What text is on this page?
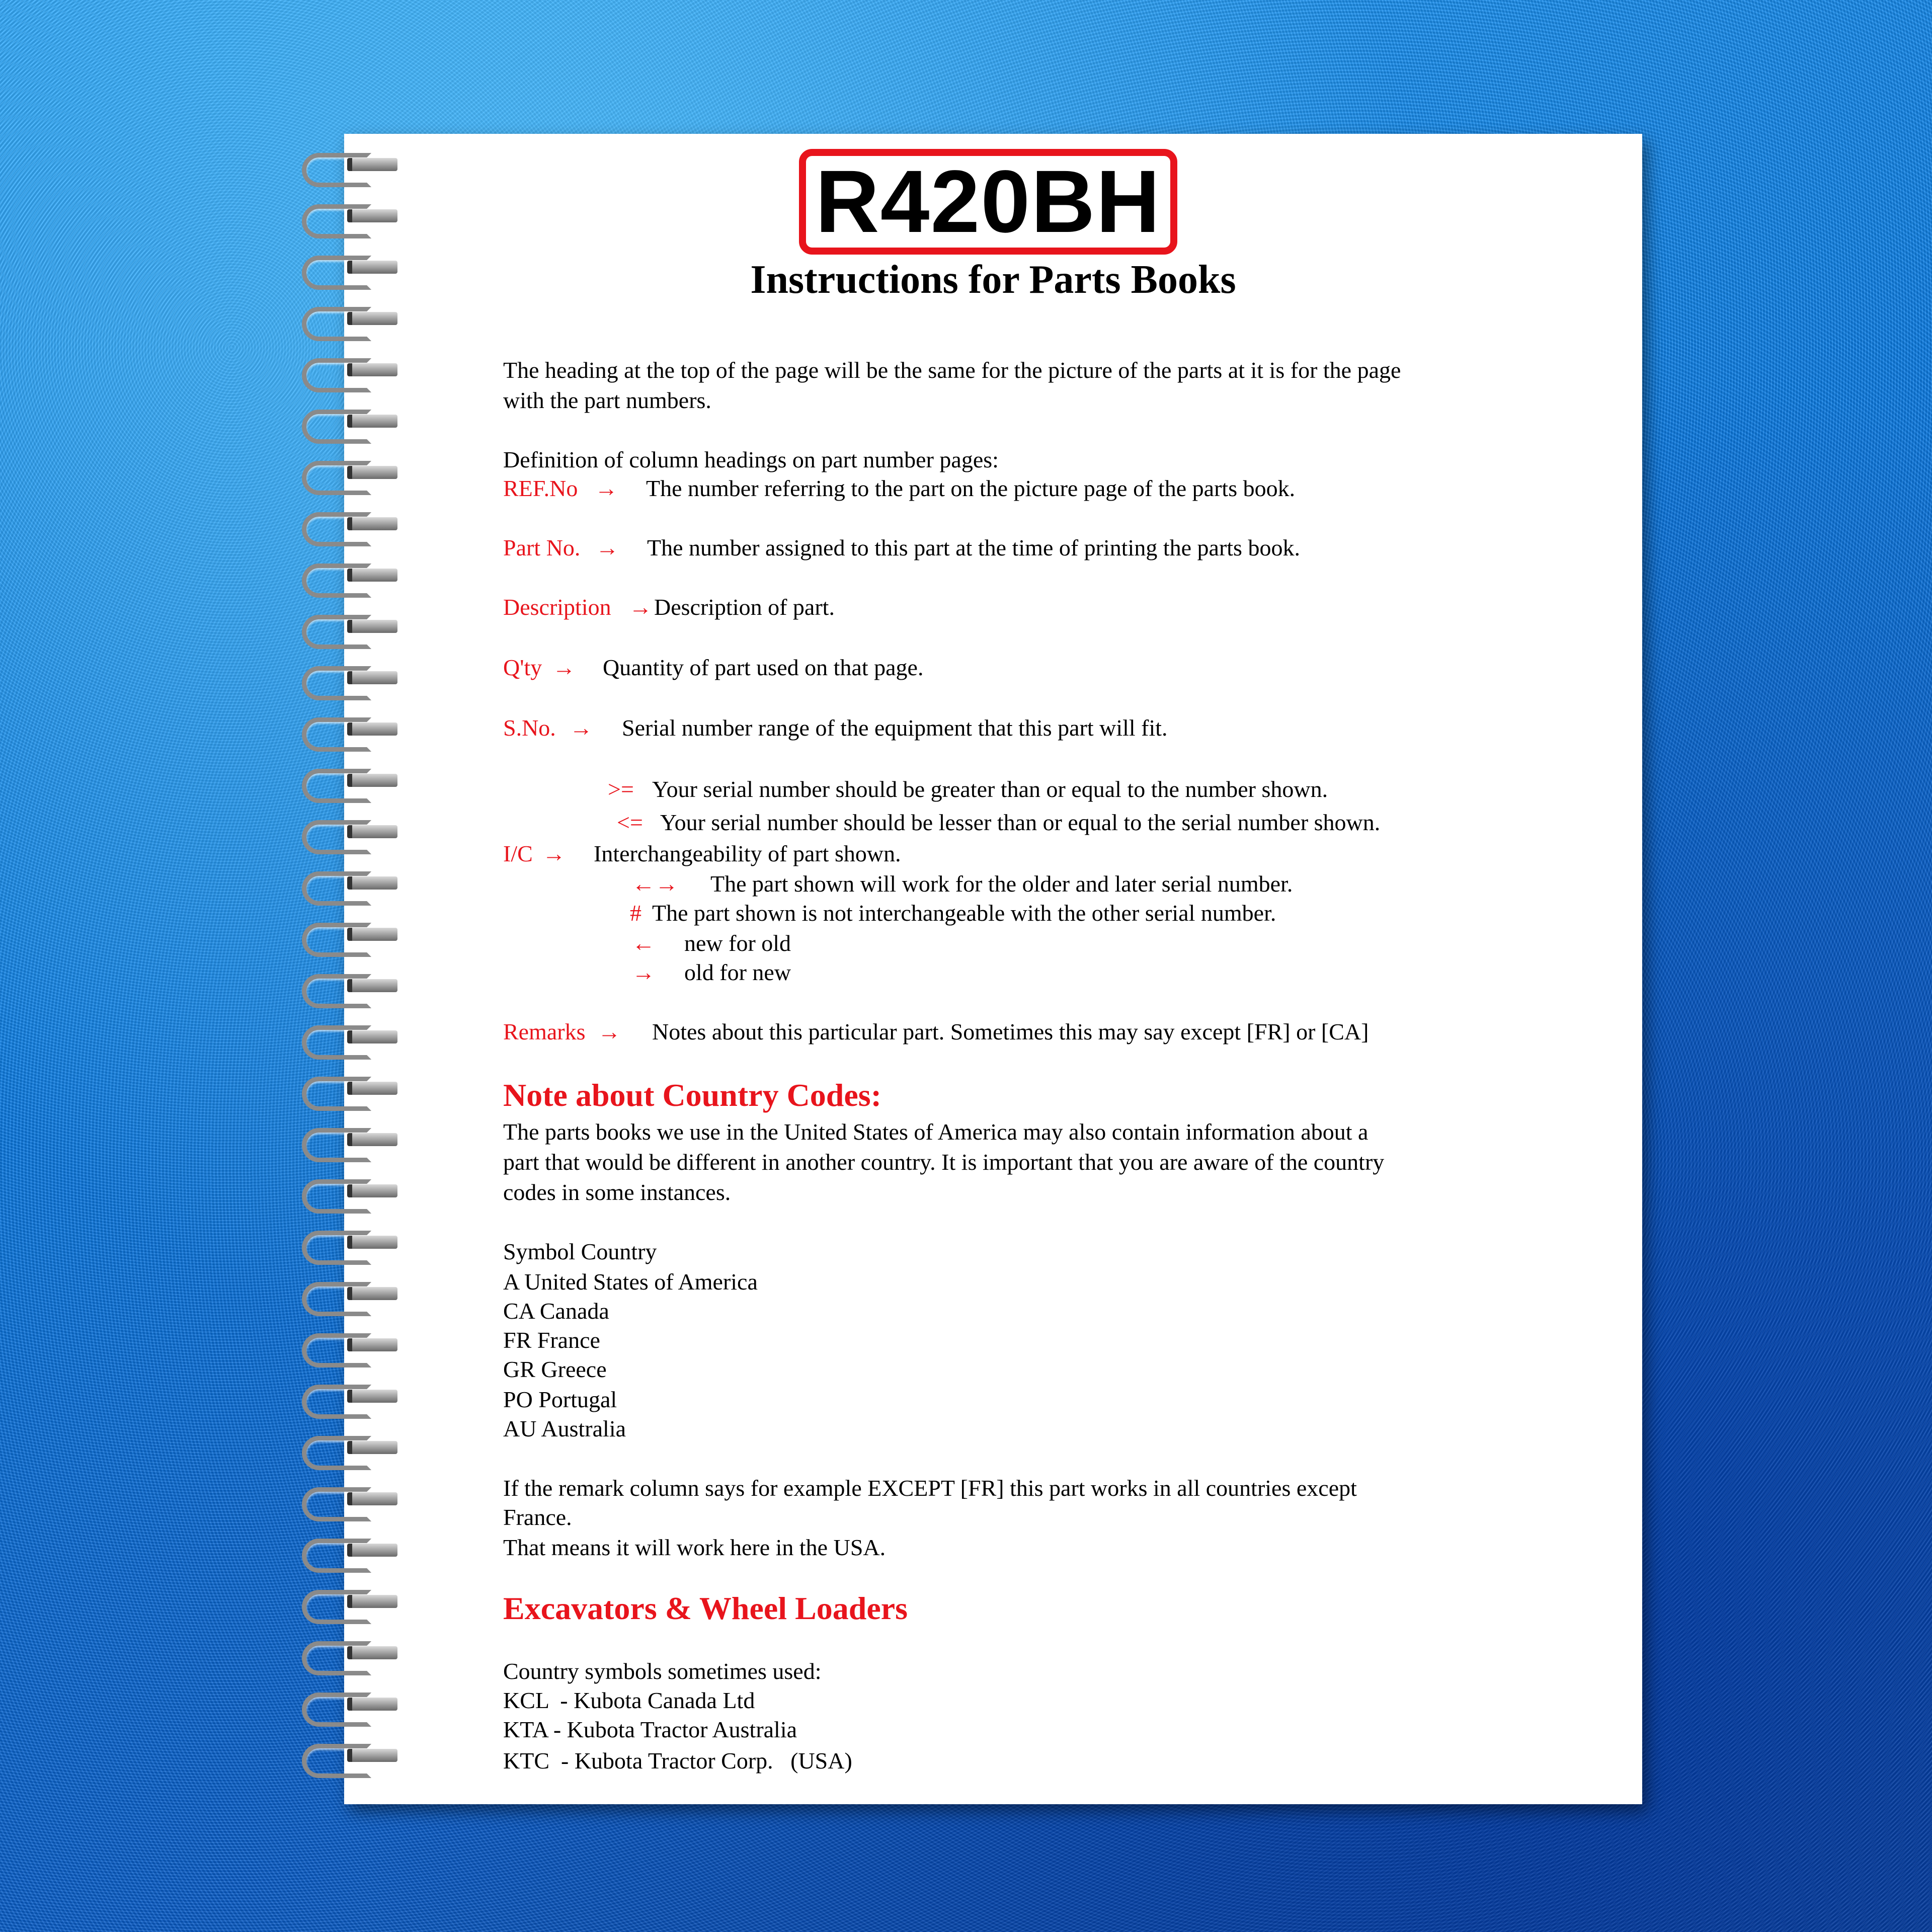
R420BH
Instructions for Parts Books
The heading at the top of the page will be the same for the picture of the parts at it is for the page
with the part numbers.
Definition of column headings on part number pages:
REF.No → The number referring to the part on the picture page of the parts book.
Part No. → The number assigned to this part at the time of printing the parts book.
Description → Description of part.
Q'ty → Quantity of part used on that page.
S.No. → Serial number range of the equipment that this part will fit.
>= Your serial number should be greater than or equal to the number shown.
<= Your serial number should be lesser than or equal to the serial number shown.
I/C → Interchangeability of part shown.
←→ The part shown will work for the older and later serial number.
# The part shown is not interchangeable with the other serial number.
← new for old
→ old for new
Remarks → Notes about this particular part. Sometimes this may say except [FR] or [CA]
Note about Country Codes:
The parts books we use in the United States of America may also contain information about a
part that would be different in another country. It is important that you are aware of the country
codes in some instances.
Symbol Country
A United States of America
CA Canada
FR France
GR Greece
PO Portugal
AU Australia
If the remark column says for example EXCEPT [FR] this part works in all countries except
France.
That means it will work here in the USA.
Excavators & Wheel Loaders
Country symbols sometimes used:
KCL  - Kubota Canada Ltd
KTA - Kubota Tractor Australia
KTC  - Kubota Tractor Corp.   (USA)
